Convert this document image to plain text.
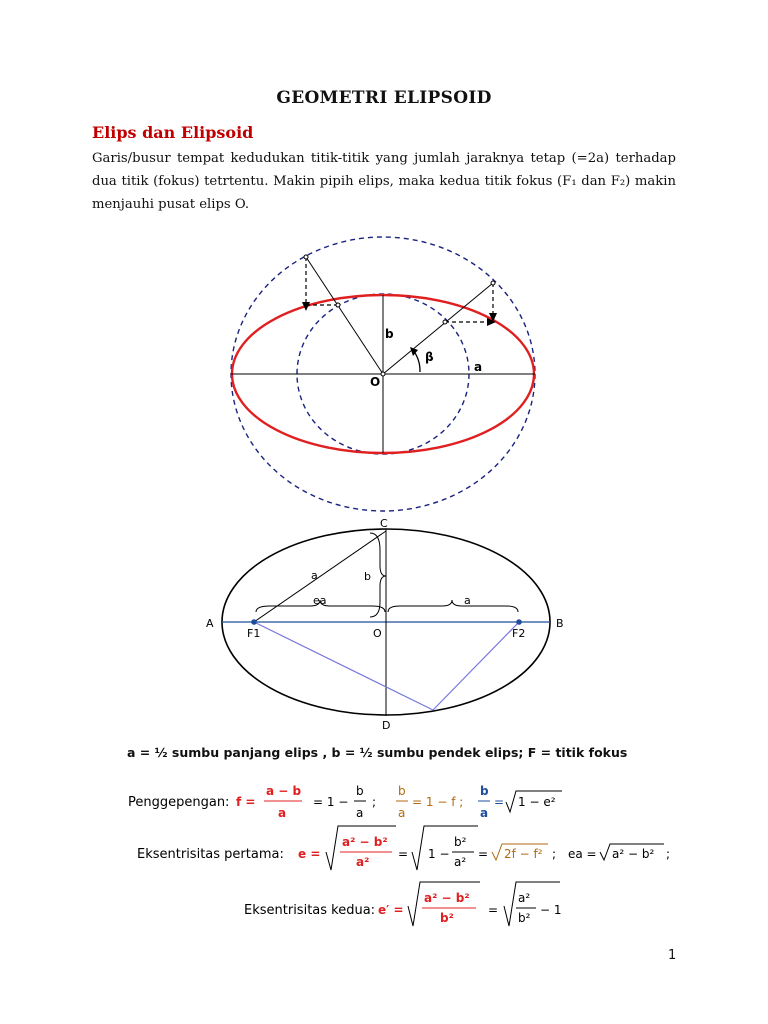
GEOMETRI ELIPSOID
Elips dan Elipsoid

Garis/busur tempat kedudukan titik-titik yang jumlah jaraknya tetap (=2a) terhadap dua titik (fokus) tetrtentu. Makin pipih elips, maka kedua titik fokus (F₁ dan F₂) makin menjauhi pusat elips O.

b
β
a
O
C
A	B
D
O
F1	F2
a	b
ea	a
a = ½ sumbu panjang elips , b = ½ sumbu pendek elips; F = titik fokus
Penggepengan: f =
a − b
a
= 1 −
b
a
;
b
a
= 1 − f ;
b
a
= 1 − e²
Eksentrisitas pertama: e =
a² − b²
a²
= 1 −
b²
a²
= 2f − f² ; ea = a² − b² ;
Eksentrisitas kedua: e′ =
a² − b²
b²
=
a²
b²
− 1
1
